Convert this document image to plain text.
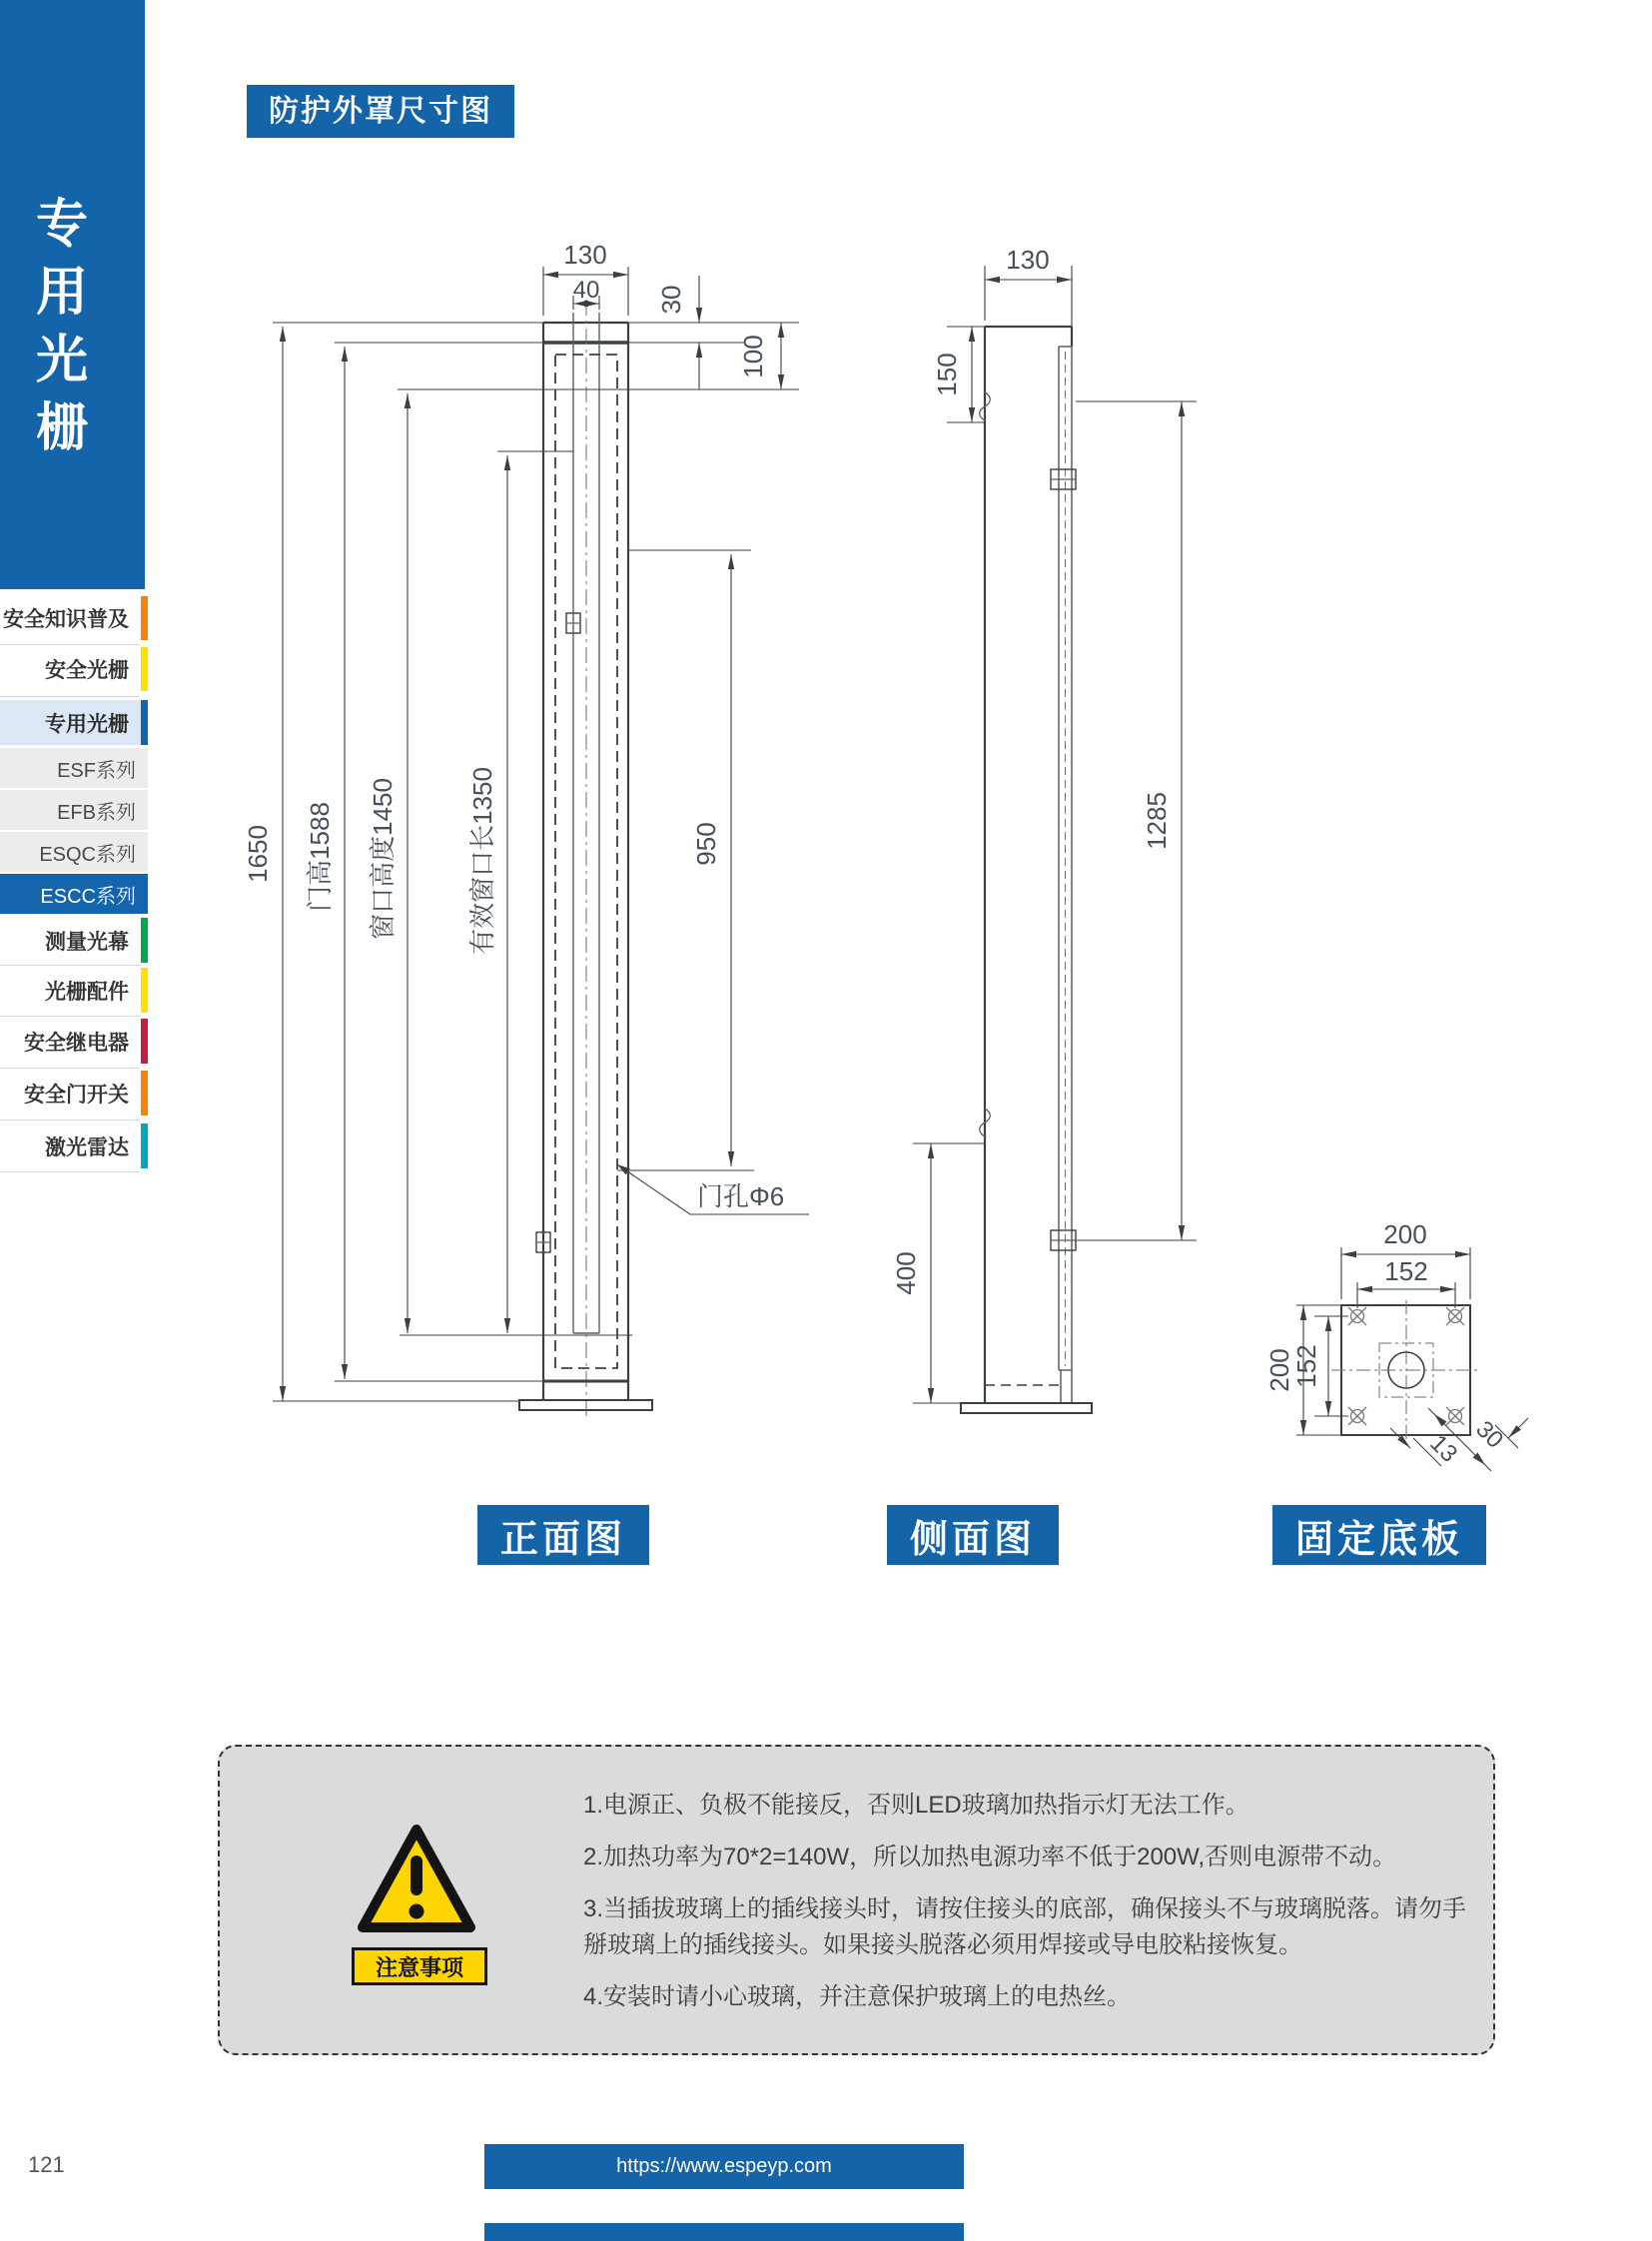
专
用
光
栅
安全知识普及
安全光栅
专用光栅
ESF系列
EFB系列
ESQC系列
ESCC系列
测量光幕
光栅配件
安全继电器
安全门开关
激光雷达
防护外罩尺寸图
130
40 30
100
1650 门高1588 窗口高度1450	有效窗口长1350	950
门孔Φ6
130
150
1285
400
200
152
200
152
13 30
正面图	侧面图	固定底板
注意事项

1.电源正、负极不能接反，否则LED玻璃加热指示灯无法工作。

2.加热功率为70*2=140W，所以加热电源功率不低于200W,否则电源带不动。

3.当插拔玻璃上的插线接头时，请按住接头的底部，确保接头不与玻璃脱落。请勿手掰玻璃上的插线接头。如果接头脱落必须用焊接或导电胶粘接恢复。

4.安装时请小心玻璃，并注意保护玻璃上的电热丝。

121	https://www.espeyp.com
